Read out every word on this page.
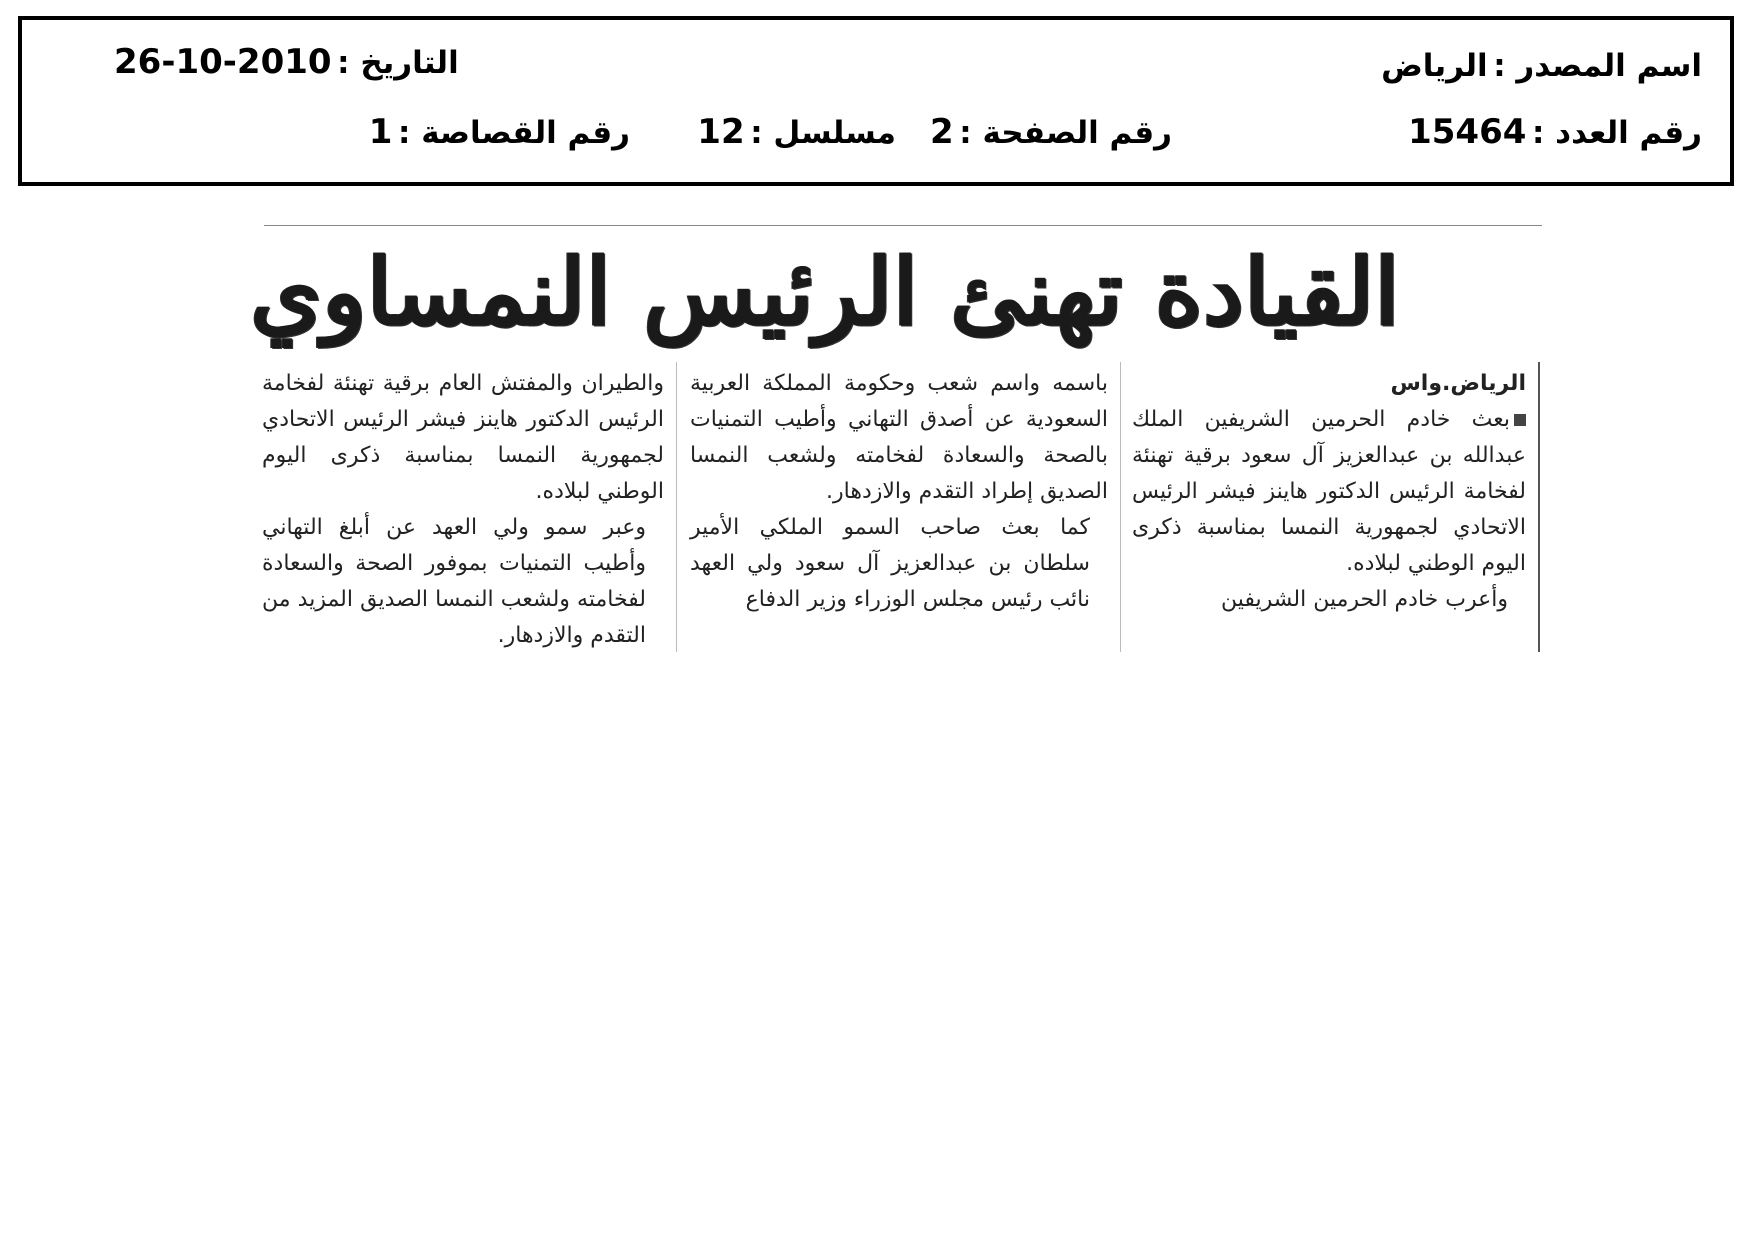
اسم المصدر : الرياض
التاريخ : 2010-10-26
رقم العدد : 15464
رقم الصفحة : 2
مسلسل : 12
رقم القصاصة : 1
القيادة تهنئ الرئيس النمساوي

الرياض.واس

بعث خادم الحرمين الشريفين الملك عبدالله بن عبدالعزيز آل سعود برقية تهنئة لفخامة الرئيس الدكتور هاينز فيشر الرئيس الاتحادي لجمهورية النمسا بمناسبة ذكرى اليوم الوطني لبلاده.

وأعرب خادم الحرمين الشريفين

باسمه واسم شعب وحكومة المملكة العربية السعودية عن أصدق التهاني وأطيب التمنيات بالصحة والسعادة لفخامته ولشعب النمسا الصديق إطراد التقدم والازدهار.

كما بعث صاحب السمو الملكي الأمير سلطان بن عبدالعزيز آل سعود ولي العهد نائب رئيس مجلس الوزراء وزير الدفاع

والطيران والمفتش العام برقية تهنئة لفخامة الرئيس الدكتور هاينز فيشر الرئيس الاتحادي لجمهورية النمسا بمناسبة ذكرى اليوم الوطني لبلاده.

وعبر سمو ولي العهد عن أبلغ التهاني وأطيب التمنيات بموفور الصحة والسعادة لفخامته ولشعب النمسا الصديق المزيد من التقدم والازدهار.
